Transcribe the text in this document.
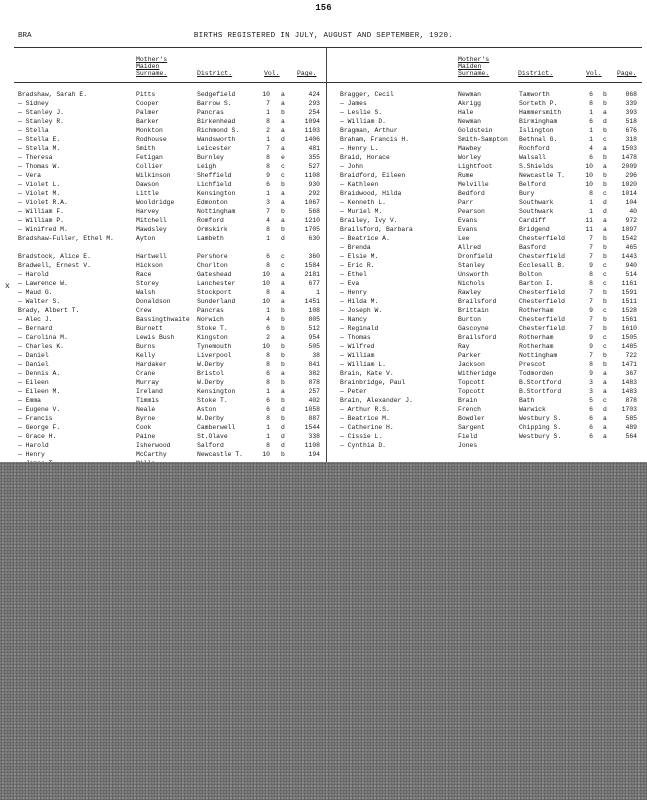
156
BRA	BIRTHS REGISTERED IN JULY, AUGUST AND SEPTEMBER, 1920.
Mother's
Maiden
Surname.	District.	Vol.	Page.
Mother's
Maiden
Surname.	District.	Vol. Page.
x
Bradshaw, Sarah E.	Pitts	Sedgefield	10 a	424
— Sidney	Cooper	Barrow S.	7 a	293
— Stanley J.	Palmer	Pancras	1 b	254
— Stanley R.	Barker	Birkenhead	8 a	1094
— Stella	Monkton	Richmond S.	2 a	1103
— Stella E.	Rodhouse	Wandsworth	1 d	1406
— Stella M.	Smith	Leicester	7 a	481
— Theresa	Fetigan	Burnley	8 e	355
— Thomas W.	Collier	Leigh	8 c	527
— Vera	Wilkinson	Sheffield	9 c	1108
— Violet L.	Dawson	Lichfield	6 b	930
— Violet M.	Little	Kensington	1 a	292
— Violet R.A.	Wooldridge	Edmonton	3 a	1067
— William F.	Harvey	Nottingham	7 b	568
— William P.	Mitchell	Romford	4 a	1210
— Winifred M.	Mawdsley	Ormskirk	8 b	1705
Bradshaw-Fuller, Ethel M.	Ayton	Lambeth	1 d	630
Bradstock, Alice E.	Hartwell	Pershore	6 c	360
Bradwell, Ernest V.	Hickson	Chorlton	8 c	1584
— Harold	Race	Gateshead	10 a	2181
— Lawrence W.	Storey	Lanchester	10 a	677
— Maud G.	Walsh	Stockport	8 a	1
— Walter S.	Donaldson	Sunderland	10 a	1451
Brady, Albert T.	Crew	Pancras	1 b	108
— Alec J.	Bassingthwaite Norwich	4 b	805
— Bernard	Burnett	Stoke T.	6 b	512
— Carolina M.	Lewis Bush	Kingston	2 a	954
— Charles K.	Burns	Tynemouth	10 b	505
— Daniel	Kelly	Liverpool	8 b	38
— Daniel	Hardaker	W.Derby	8 b	841
— Dennis A.	Crane	Bristol	6 a	382
— Eileen	Murray	W.Derby	8 b	878
— Eileen M.	Ireland	Kensington	1 a	257
— Emma	Timmis	Stoke T.	6 b	402
— Eugene V.	Neale	Aston	6 d	1058
— Francis	Byrne	W.Derby	8 b	887
— George F.	Cook	Camberwell	1 d	1544
— Grace H.	Paine	St.Olave	1 d	338
— Harold	Isherwood	Salford	8 d	1108
— Henry	McCarthy	Newcastle T.	10 b	194
Bragger, Cecil	Newman	Tamworth	6 b	868
— James	Akrigg	Sorteth P.	8 b	339
— Leslie S.	Hale	Hammersmith	1 a	393
— William D.	Newman	Birmingham	6 d	518
Bragman, Arthur	Goldstein	Islington	1 b	676
Braham, Francis H.	Smith-Sampton Bethnal G.	1 c	318
— Henry L.	Mawbey	Rochford	4 a	1503
Braid, Horace	Worley	Walsall	6 b	1478
— John	Lightfoot	S.Shields	10 a	2009
Braidford, Eileen	Rume	Newcastle T.	10 b	296
— Kathleen	Melville	Belford	10 b	1020
Braidwood, Hilda	Bedford	Bury	8 c	1014
— Kenneth L.	Parr	Southwark	1 d	104
— Muriel M.	Pearson	Southwark	1 d	40
Brailey, Ivy V.	Evans	Cardiff	11 a	972
Brailsford, Barbara	Evans	Bridgend	11 a	1097
— Beatrice A.	Lee	Chesterfield	7 b	1542
— Brenda	Allred	Basford	7 b	465
— Elsie M.	Dronfield	Chesterfield	7 b	1443
— Eric R.	Stanley	Ecclesall B.	9 c	940
— Ethel	Unsworth	Bolton	8 c	514
— Eva	Nichols	Barton I.	8 c	1161
— Henry	Rawley	Chesterfield	7 b	1591
— Hilda M.	Brailsford	Chesterfield	7 b	1511
— Joseph W.	Brittain	Rotherham	9 c	1528
— Nancy	Burton	Chesterfield	7 b	1561
— Reginald	Gascoyne	Chesterfield	7 b	1610
— Thomas	Brailsford	Rotherham	9 c	1505
— Wilfred	Ray	Rotherham	9 c	1485
— William	Parker	Nottingham	7 b	722
— William L.	Jackson	Prescot	8 b	1471
Brain, Kate V.	Witheridge	Todmorden	9 a	367
Brainbridge, Paul	Topcott	B.Stortford	3 a	1483
— Peter	Topcott	B.Stortford	3 a	1483
Brain, Alexander J.	Brain	Bath	5 c	878
— Arthur R.S.	French	Warwick	6 d	1703
— Beatrice M.	Bowdler	Westbury S.	6 a	585
— Catherine H.	Sargent	Chipping S.	6 a	489
— Cissie L.	Field	Westbury S.	6 a	564
— Cynthia D.	Jones
